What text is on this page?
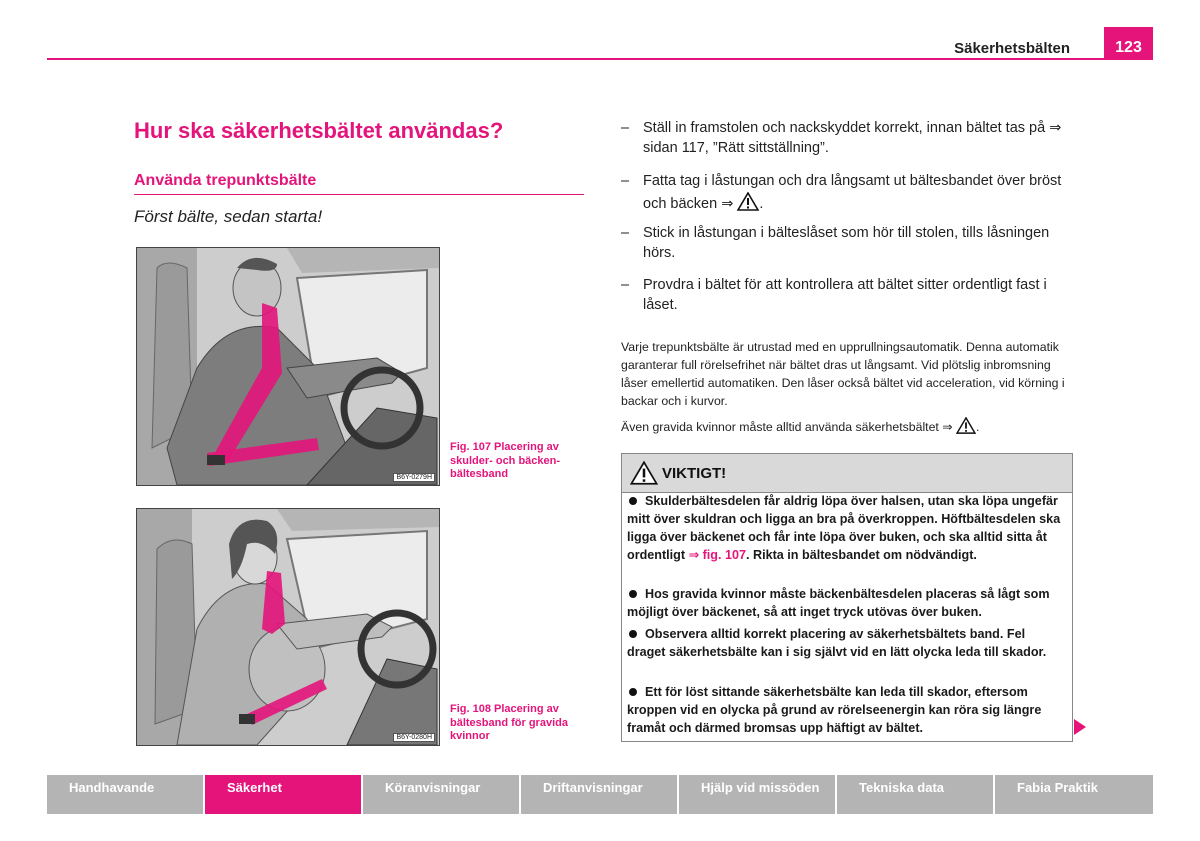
Säkerhetsbälten	123
Hur ska säkerhetsbältet användas?
Använda trepunktsbälte
Först bälte, sedan starta!
B6Y-0279H
Fig. 107 Placering av skulder- och bäcken-bältesband
B6Y-0280H
Fig. 108 Placering av bältesband för gravida kvinnor
– Ställ in framstolen och nackskyddet korrekt, innan bältet tas på ⇒ sidan 117, ”Rätt sittställning”.
– Fatta tag i låstungan och dra långsamt ut bältesbandet över bröst och bäcken ⇒ .
– Stick in låstungan i bälteslåset som hör till stolen, tills låsningen hörs.
– Provdra i bältet för att kontrollera att bältet sitter ordentligt fast i låset.
Varje trepunktsbälte är utrustad med en upprullningsautomatik. Denna automatik garanterar full rörelsefrihet när bältet dras ut långsamt. Vid plötslig inbromsning låser emellertid automatiken. Den låser också bältet vid acceleration, vid körning i backar och i kurvor.
Även gravida kvinnor måste alltid använda säkerhetsbältet ⇒ .
VIKTIGT!
Skulderbältesdelen får aldrig löpa över halsen, utan ska löpa ungefär mitt över skuldran och ligga an bra på överkroppen. Höftbältesdelen ska ligga över bäckenet och får inte löpa över buken, och ska alltid sitta åt ordentligt ⇒ fig. 107. Rikta in bältesbandet om nödvändigt.
Hos gravida kvinnor måste bäckenbältesdelen placeras så lågt som möjligt över bäckenet, så att inget tryck utövas över buken.
Observera alltid korrekt placering av säkerhetsbältets band. Fel draget säkerhetsbälte kan i sig självt vid en lätt olycka leda till skador.
Ett för löst sittande säkerhetsbälte kan leda till skador, eftersom kroppen vid en olycka på grund av rörelseenergin kan röra sig längre framåt och därmed bromsas upp häftigt av bältet.
Handhavande	Säkerhet	Köranvisningar	Driftanvisningar	Hjälp vid missöden	Tekniska data	Fabia Praktik
